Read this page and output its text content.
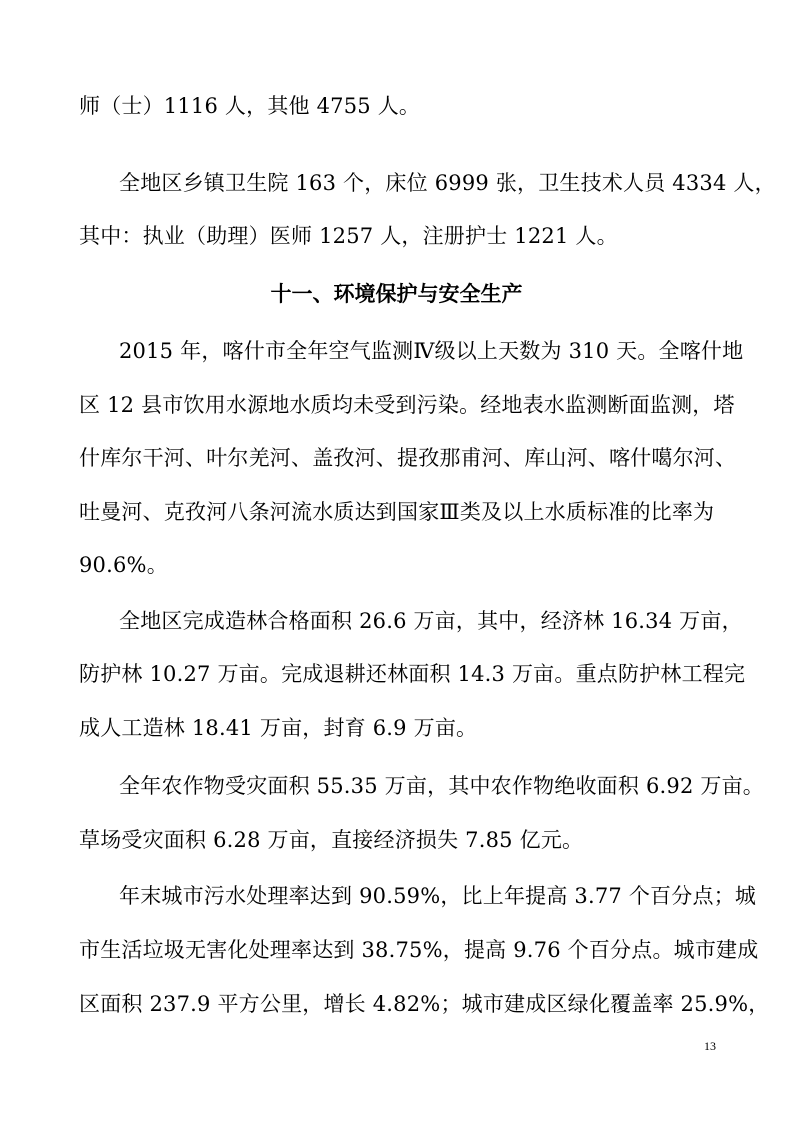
师（士）1116 人，其他 4755 人。
全地区乡镇卫生院 163 个，床位 6999 张，卫生技术人员 4334 人，
其中：执业（助理）医师 1257 人，注册护士 1221 人。
十一、环境保护与安全生产
2015 年，喀什市全年空气监测Ⅳ级以上天数为 310 天。全喀什地
区 12 县市饮用水源地水质均未受到污染。经地表水监测断面监测，塔
什库尔干河、叶尔羌河、盖孜河、提孜那甫河、库山河、喀什噶尔河、
吐曼河、克孜河八条河流水质达到国家Ⅲ类及以上水质标准的比率为
90.6%。
全地区完成造林合格面积 26.6 万亩，其中，经济林 16.34 万亩，
防护林 10.27 万亩。完成退耕还林面积 14.3 万亩。重点防护林工程完
成人工造林 18.41 万亩，封育 6.9 万亩。
全年农作物受灾面积 55.35 万亩，其中农作物绝收面积 6.92 万亩。
草场受灾面积 6.28 万亩，直接经济损失 7.85 亿元。
年末城市污水处理率达到 90.59%，比上年提高 3.77 个百分点；城
市生活垃圾无害化处理率达到 38.75%，提高 9.76 个百分点。城市建成
区面积 237.9 平方公里，增长 4.82%；城市建成区绿化覆盖率 25.9%，
13
